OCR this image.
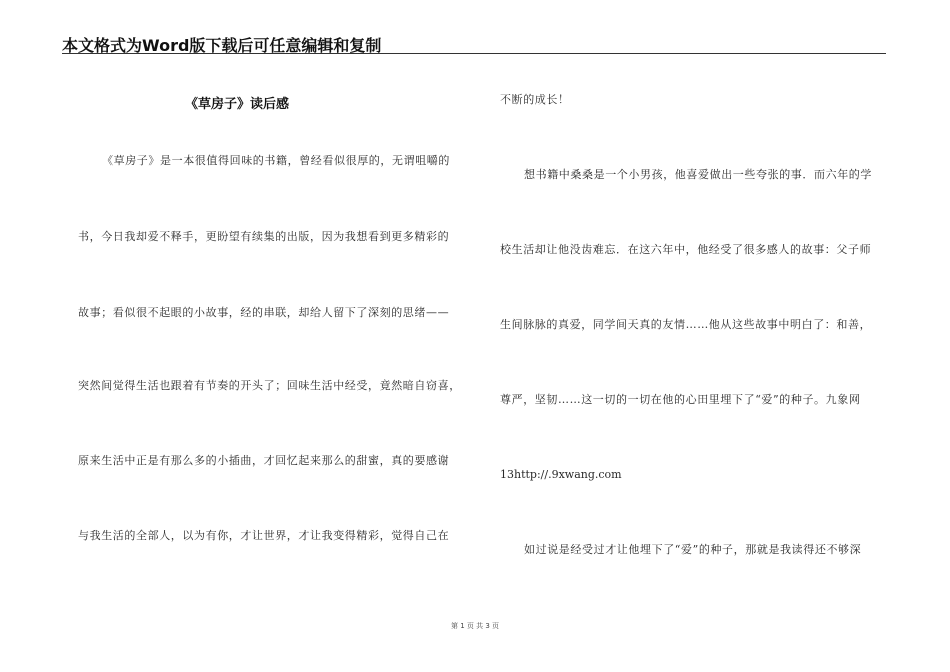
本文格式为Word版下载后可任意编辑和复制
《草房子》读后感
《草房子》是一本很值得回味的书籍，曾经看似很厚的，无谓咀嚼的
书，今日我却爱不释手，更盼望有续集的出版，因为我想看到更多精彩的
故事；看似很不起眼的小故事，经的串联，却给人留下了深刻的思绪——
突然间觉得生活也跟着有节奏的开头了；回味生活中经受，竟然暗自窃喜，
原来生活中正是有那么多的小插曲，才回忆起来那么的甜蜜，真的要感谢
与我生活的全部人，以为有你，才让世界，才让我变得精彩，觉得自己在
不断的成长！
想书籍中桑桑是一个小男孩，他喜爱做出一些夸张的事．而六年的学
校生活却让他没齿难忘．在这六年中，他经受了很多感人的故事：父子师
生间脉脉的真爱，同学间天真的友情……他从这些故事中明白了：和善，
尊严，坚韧……这一切的一切在他的心田里埋下了“爱”的种子。九象网
13http://.9xwang.com
如过说是经受过才让他埋下了“爱”的种子，那就是我读得还不够深
第 1 页 共 3 页
